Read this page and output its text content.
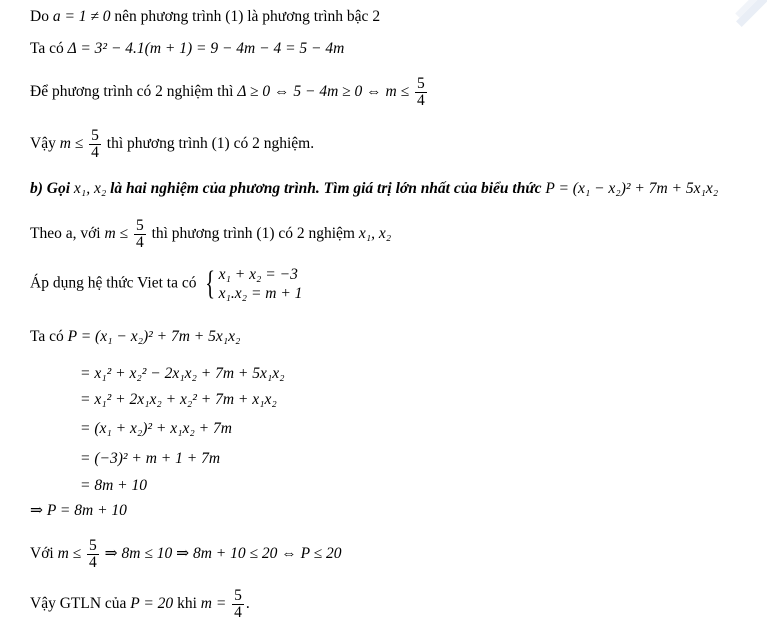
Do a = 1 ≠ 0 nên phương trình (1) là phương trình bậc 2
Ta có Δ = 3² − 4.1(m + 1) = 9 − 4m − 4 = 5 − 4m
Để phương trình có 2 nghiệm thì Δ ≥ 0 ⇔ 5 − 4m ≥ 0 ⇔ $m \le \frac{5}{4}$
Vậy $m \le \frac{5}{4}$ thì phương trình (1) có 2 nghiệm.
b) Gọi x₁, x₂ là hai nghiệm của phương trình. Tìm giá trị lớn nhất của biểu thức P = (x₁ − x₂)² + 7m + 5x₁x₂
Theo a, với $m \le \frac{5}{4}$ thì phương trình (1) có 2 nghiệm x₁, x₂
Áp dụng hệ thức Viet ta có { x₁ + x₂ = −3
x₁.x₂ = m + 1
Ta có P = (x₁ − x₂)² + 7m + 5x₁x₂
= x₁² + x₂² − 2x₁x₂ + 7m + 5x₁x₂
= x₁² + 2x₁x₂ + x₂² + 7m + x₁x₂
= (x₁ + x₂)² + x₁x₂ + 7m
= (−3)² + m + 1 + 7m
= 8m + 10
⇒ P = 8m + 10
Với $m \le \frac{5}{4}$ ⇒ 8m ≤ 10 ⇒ 8m + 10 ≤ 20 ⇔ P ≤ 20
Vậy GTLN của P = 20 khi $m = \frac{5}{4}$ .
